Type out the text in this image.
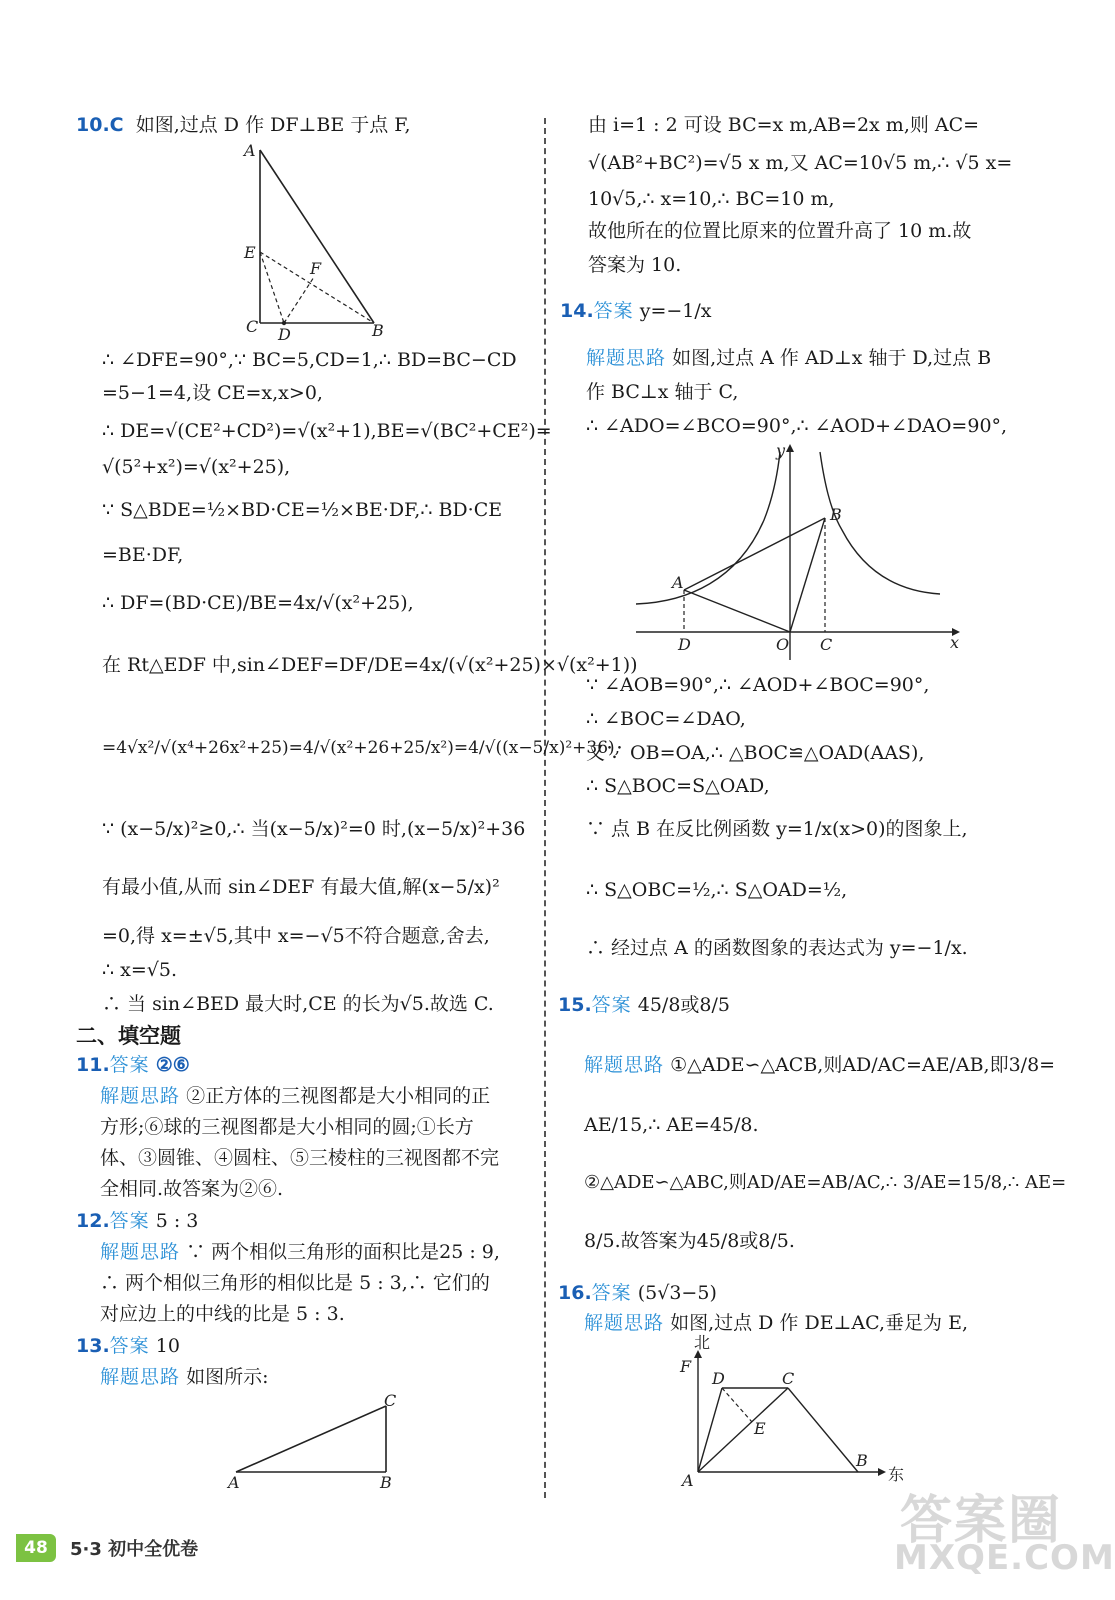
10.C 如图,过点 D 作 DF⊥BE 于点 F,
A
E
F
C D	B
∴ ∠DFE=90°,∵ BC=5,CD=1,∴ BD=BC−CD
=5−1=4,设 CE=x,x>0,
∴ DE=√(CE²+CD²)=√(x²+1),BE=√(BC²+CE²)=
√(5²+x²)=√(x²+25),
∵ S△BDE=½×BD·CE=½×BE·DF,∴ BD·CE
=BE·DF,
∴ DF=(BD·CE)/BE=4x/√(x²+25),
在 Rt△EDF 中,sin∠DEF=DF/DE=4x/(√(x²+25)×√(x²+1))
=4√x²/√(x⁴+26x²+25)=4/√(x²+26+25/x²)=4/√((x−5/x)²+36),
∵ (x−5/x)²≥0,∴ 当(x−5/x)²=0 时,(x−5/x)²+36
有最小值,从而 sin∠DEF 有最大值,解(x−5/x)²
=0,得 x=±√5,其中 x=−√5不符合题意,舍去,
∴ x=√5.
∴ 当 sin∠BED 最大时,CE 的长为√5.故选 C.
二、填空题
11.答案 ②⑥
解题思路 ②正方体的三视图都是大小相同的正
方形;⑥球的三视图都是大小相同的圆;①长方
体、③圆锥、④圆柱、⑤三棱柱的三视图都不完
全相同.故答案为②⑥.
12.答案 5 : 3
解题思路 ∵ 两个相似三角形的面积比是25 : 9,
∴ 两个相似三角形的相似比是 5 : 3,∴ 它们的
对应边上的中线的比是 5 : 3.
13.答案 10
解题思路 如图所示:
C
A	B
由 i=1 : 2 可设 BC=x m,AB=2x m,则 AC=
√(AB²+BC²)=√5 x m,又 AC=10√5 m,∴ √5 x=
10√5,∴ x=10,∴ BC=10 m,
故他所在的位置比原来的位置升高了 10 m.故
答案为 10.
14.答案 y=−1/x
解题思路 如图,过点 A 作 AD⊥x 轴于 D,过点 B
作 BC⊥x 轴于 C,
∴ ∠ADO=∠BCO=90°,∴ ∠AOD+∠DAO=90°,
y
B
A
D	O C	x
∵ ∠AOB=90°,∴ ∠AOD+∠BOC=90°,
∴ ∠BOC=∠DAO,
又∵ OB=OA,∴ △BOC≌△OAD(AAS),
∴ S△BOC=S△OAD,
∵ 点 B 在反比例函数 y=1/x(x>0)的图象上,
∴ S△OBC=½,∴ S△OAD=½,
∴ 经过点 A 的函数图象的表达式为 y=−1/x.
15.答案 45/8或8/5
解题思路 ①△ADE∽△ACB,则AD/AC=AE/AB,即3/8=
AE/15,∴ AE=45/8.
②△ADE∽△ABC,则AD/AE=AB/AC,∴ 3/AE=15/8,∴ AE=
8/5.故答案为45/8或8/5.
16.答案 (5√3−5)
解题思路 如图,过点 D 作 DE⊥AC,垂足为 E,
北
F
D	C
E
B
A	东
48	5·3 初中全优卷	答案圈
MXQE.COM
